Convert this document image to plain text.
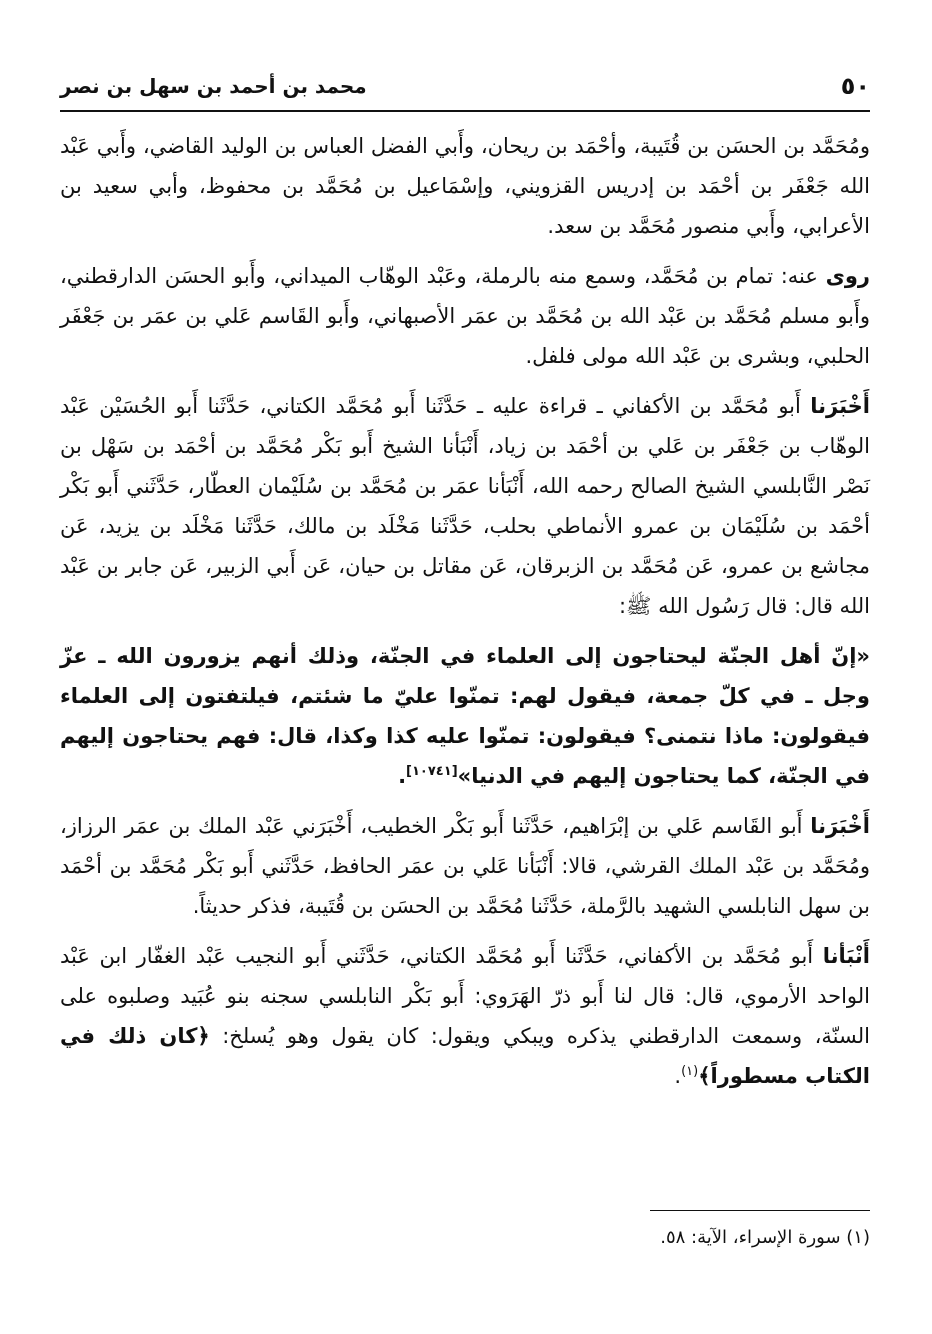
٥٠
محمد بن أحمد بن سهل بن نصر

ومُحَمَّد بن الحسَن بن قُتَيبة، وأحْمَد بن ريحان، وأَبي الفضل العباس بن الوليد القاضي، وأَبي عَبْد الله جَعْفَر بن أحْمَد بن إدريس القزويني، وإسْمَاعيل بن مُحَمَّد بن محفوظ، وأبي سعيد بن الأعرابي، وأَبي منصور مُحَمَّد بن سعد.

روى عنه: تمام بن مُحَمَّد، وسمع منه بالرملة، وعَبْد الوهّاب الميداني، وأَبو الحسَن الدارقطني، وأَبو مسلم مُحَمَّد بن عَبْد الله بن مُحَمَّد بن عمَر الأصبهاني، وأَبو القَاسم عَلي بن عمَر بن جَعْفَر الحلبي، وبشرى بن عَبْد الله مولى فلفل.

أَخْبَرَنا أَبو مُحَمَّد بن الأكفاني ـ قراءة عليه ـ حَدَّثَنا أَبو مُحَمَّد الكتاني، حَدَّثَنا أَبو الحُسَيْن عَبْد الوهّاب بن جَعْفَر بن عَلي بن أحْمَد بن زياد، أَنْبَأنا الشيخ أَبو بَكْر مُحَمَّد بن أحْمَد بن سَهْل بن نَصْر النَّابلسي الشيخ الصالح رحمه الله، أَنْبَأنا عمَر بن مُحَمَّد بن سُلَيْمان العطّار، حَدَّثَني أَبو بَكْر أحْمَد بن سُلَيْمَان بن عمرو الأنماطي بحلب، حَدَّثَنا مَخْلَد بن مالك، حَدَّثَنا مَخْلَد بن يزيد، عَن مجاشع بن عمرو، عَن مُحَمَّد بن الزبرقان، عَن مقاتل بن حيان، عَن أَبي الزبير، عَن جابر بن عَبْد الله قال: قال رَسُول الله ﷺ:

«إنّ أهل الجنّة ليحتاجون إلى العلماء في الجنّة، وذلك أنهم يزورون الله ـ عزّ وجل ـ في كلّ جمعة، فيقول لهم: تمنّوا عليّ ما شئتم، فيلتفتون إلى العلماء فيقولون: ماذا نتمنى؟ فيقولون: تمنّوا عليه كذا وكذا، قال: فهم يحتاجون إليهم في الجنّة، كما يحتاجون إليهم في الدنيا»[١٠٧٤١].

أَخْبَرَنا أَبو القَاسم عَلي بن إبْرَاهيم، حَدَّثَنا أَبو بَكْر الخطيب، أَخْبَرَني عَبْد الملك بن عمَر الرزاز، ومُحَمَّد بن عَبْد الملك القرشي، قالا: أَنْبَأنا عَلي بن عمَر الحافظ، حَدَّثَني أَبو بَكْر مُحَمَّد بن أحْمَد بن سهل النابلسي الشهيد بالرَّملة، حَدَّثَنا مُحَمَّد بن الحسَن بن قُتَيبة، فذكر حديثاً.

أَنْبَأنا أَبو مُحَمَّد بن الأكفاني، حَدَّثَنا أَبو مُحَمَّد الكتاني، حَدَّثَني أَبو النجيب عَبْد الغفّار ابن عَبْد الواحد الأرموي، قال: قال لنا أَبو ذرّ الهَرَوي: أَبو بَكْر النابلسي سجنه بنو عُبَيد وصلبوه على السنّة، وسمعت الدارقطني يذكره ويبكي ويقول: كان يقول وهو يُسلخ: ﴿كان ذلك في الكتاب مسطوراً﴾$^{(١)}$.

(١) سورة الإسراء، الآية: ٥٨.
